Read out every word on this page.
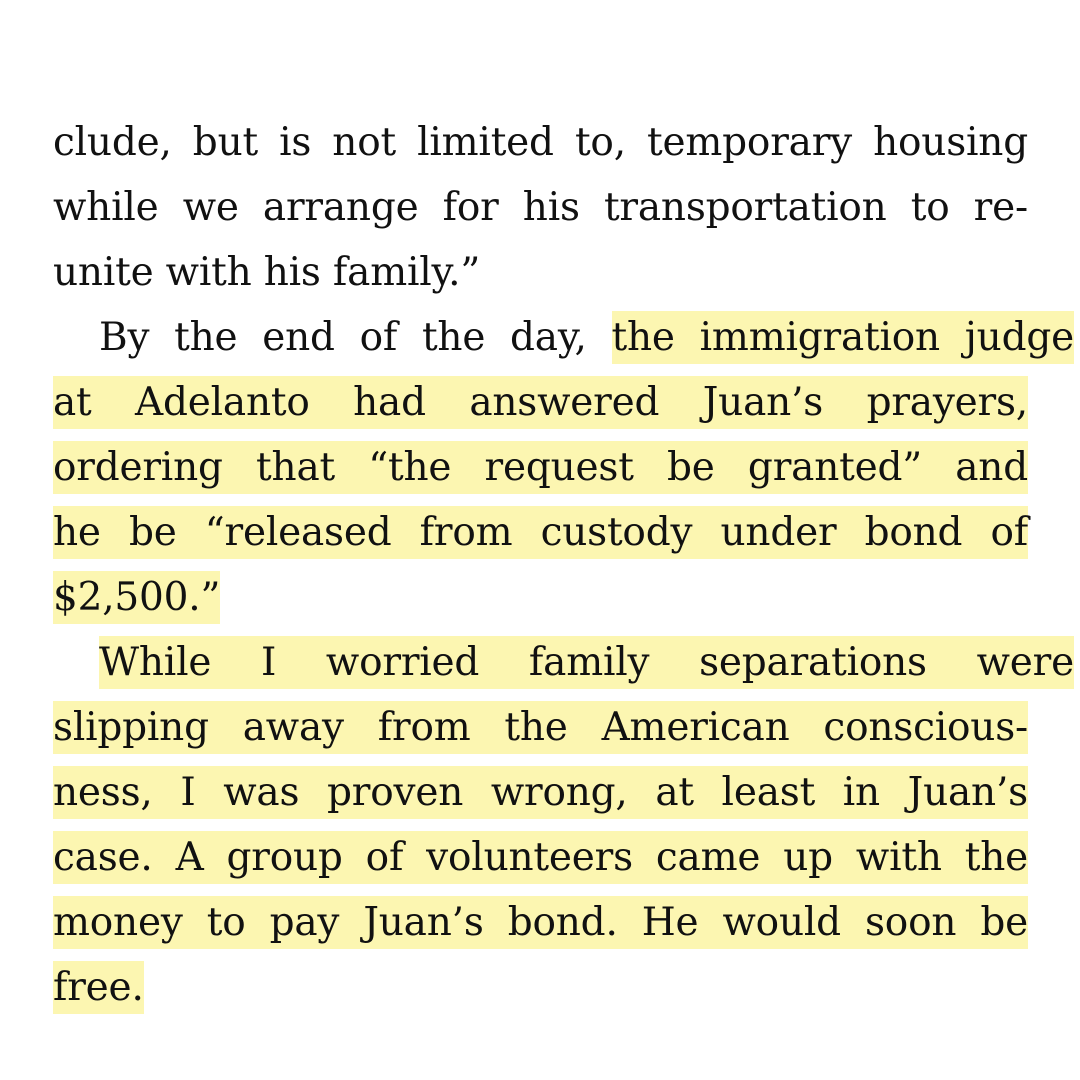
clude, but is not limited to, temporary housing
while we arrange for his transportation to re-
unite with his family.”
By the end of the day, the immigration judge
at Adelanto had answered Juan’s prayers,
ordering that “the request be granted” and
he be “released from custody under bond of
$2,500.”
While I worried family separations were
slipping away from the American conscious-
ness, I was proven wrong, at least in Juan’s
case. A group of volunteers came up with the
money to pay Juan’s bond. He would soon be
free.
